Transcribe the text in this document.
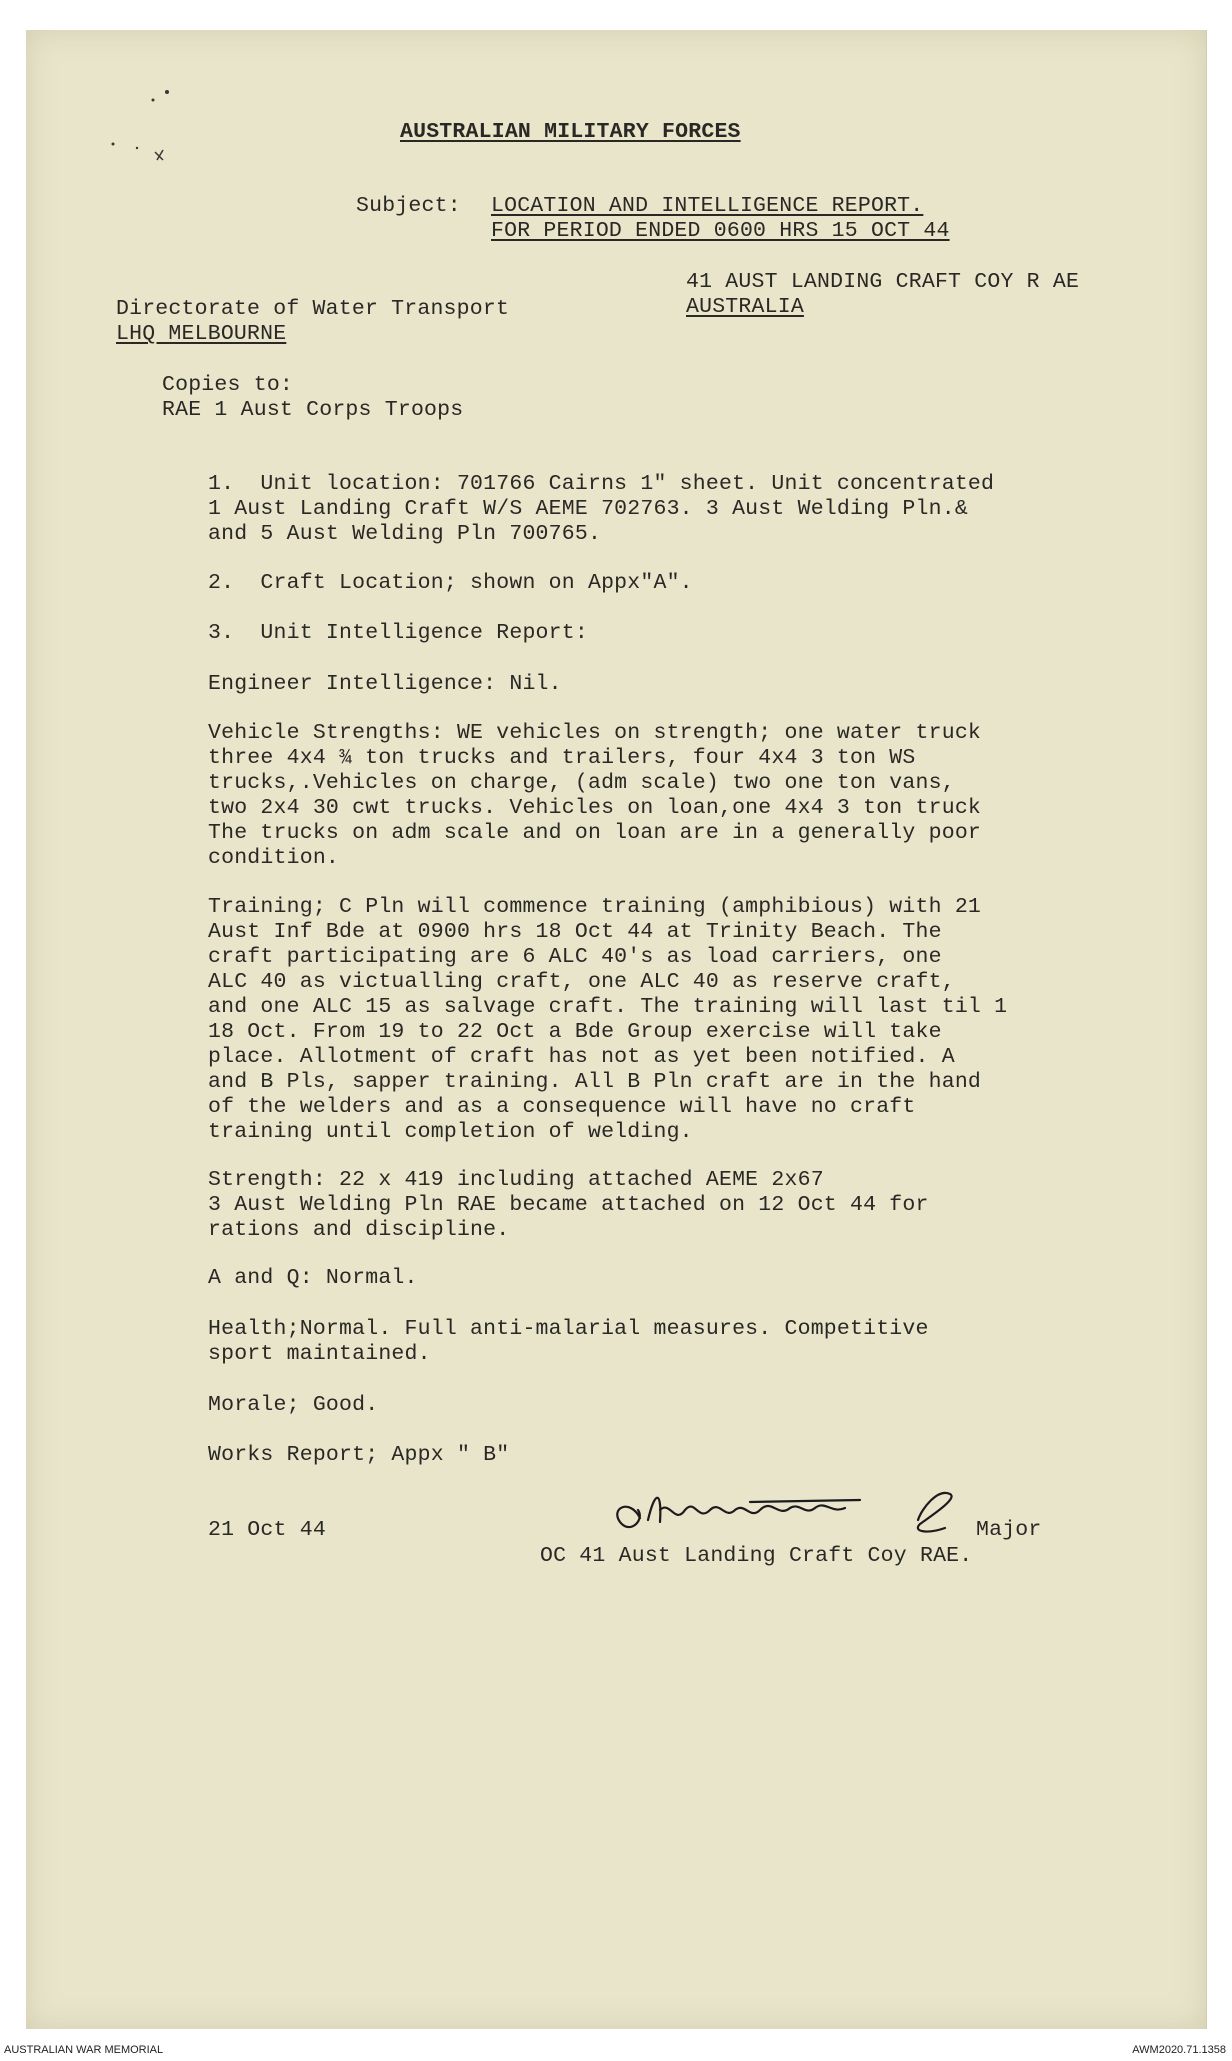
AUSTRALIAN MILITARY FORCES
Subject: LOCATION AND INTELLIGENCE REPORT.
FOR PERIOD ENDED 0600 HRS 15 OCT 44
41 AUST LANDING CRAFT COY R AE
AUSTRALIA
Directorate of Water Transport
LHQ MELBOURNE
Copies to:
RAE 1 Aust Corps Troops
1.  Unit location: 701766 Cairns 1" sheet. Unit concentrated
1 Aust Landing Craft W/S AEME 702763. 3 Aust Welding Pln.&
and 5 Aust Welding Pln 700765.
2.  Craft Location; shown on Appx"A".
3.  Unit Intelligence Report:
Engineer Intelligence: Nil.
Vehicle Strengths: WE vehicles on strength; one water truck
three 4x4 ¾ ton trucks and trailers, four 4x4 3 ton WS
trucks,.Vehicles on charge, (adm scale) two one ton vans,
two 2x4 30 cwt trucks. Vehicles on loan,one 4x4 3 ton truck
The trucks on adm scale and on loan are in a generally poor
condition.
Training; C Pln will commence training (amphibious) with 21
Aust Inf Bde at 0900 hrs 18 Oct 44 at Trinity Beach. The
craft participating are 6 ALC 40's as load carriers, one
ALC 40 as victualling craft, one ALC 40 as reserve craft,
and one ALC 15 as salvage craft. The training will last til 1
18 Oct. From 19 to 22 Oct a Bde Group exercise will take
place. Allotment of craft has not as yet been notified. A
and B Pls, sapper training. All B Pln craft are in the hand
of the welders and as a consequence will have no craft
training until completion of welding.
Strength: 22 x 419 including attached AEME 2x67
3 Aust Welding Pln RAE became attached on 12 Oct 44 for
rations and discipline.
A and Q: Normal.
Health;Normal. Full anti-malarial measures. Competitive
sport maintained.
Morale; Good.
Works Report; Appx " B"
21 Oct 44	Major
OC 41 Aust Landing Craft Coy RAE.
AUSTRALIAN WAR MEMORIAL	AWM2020.71.1358
